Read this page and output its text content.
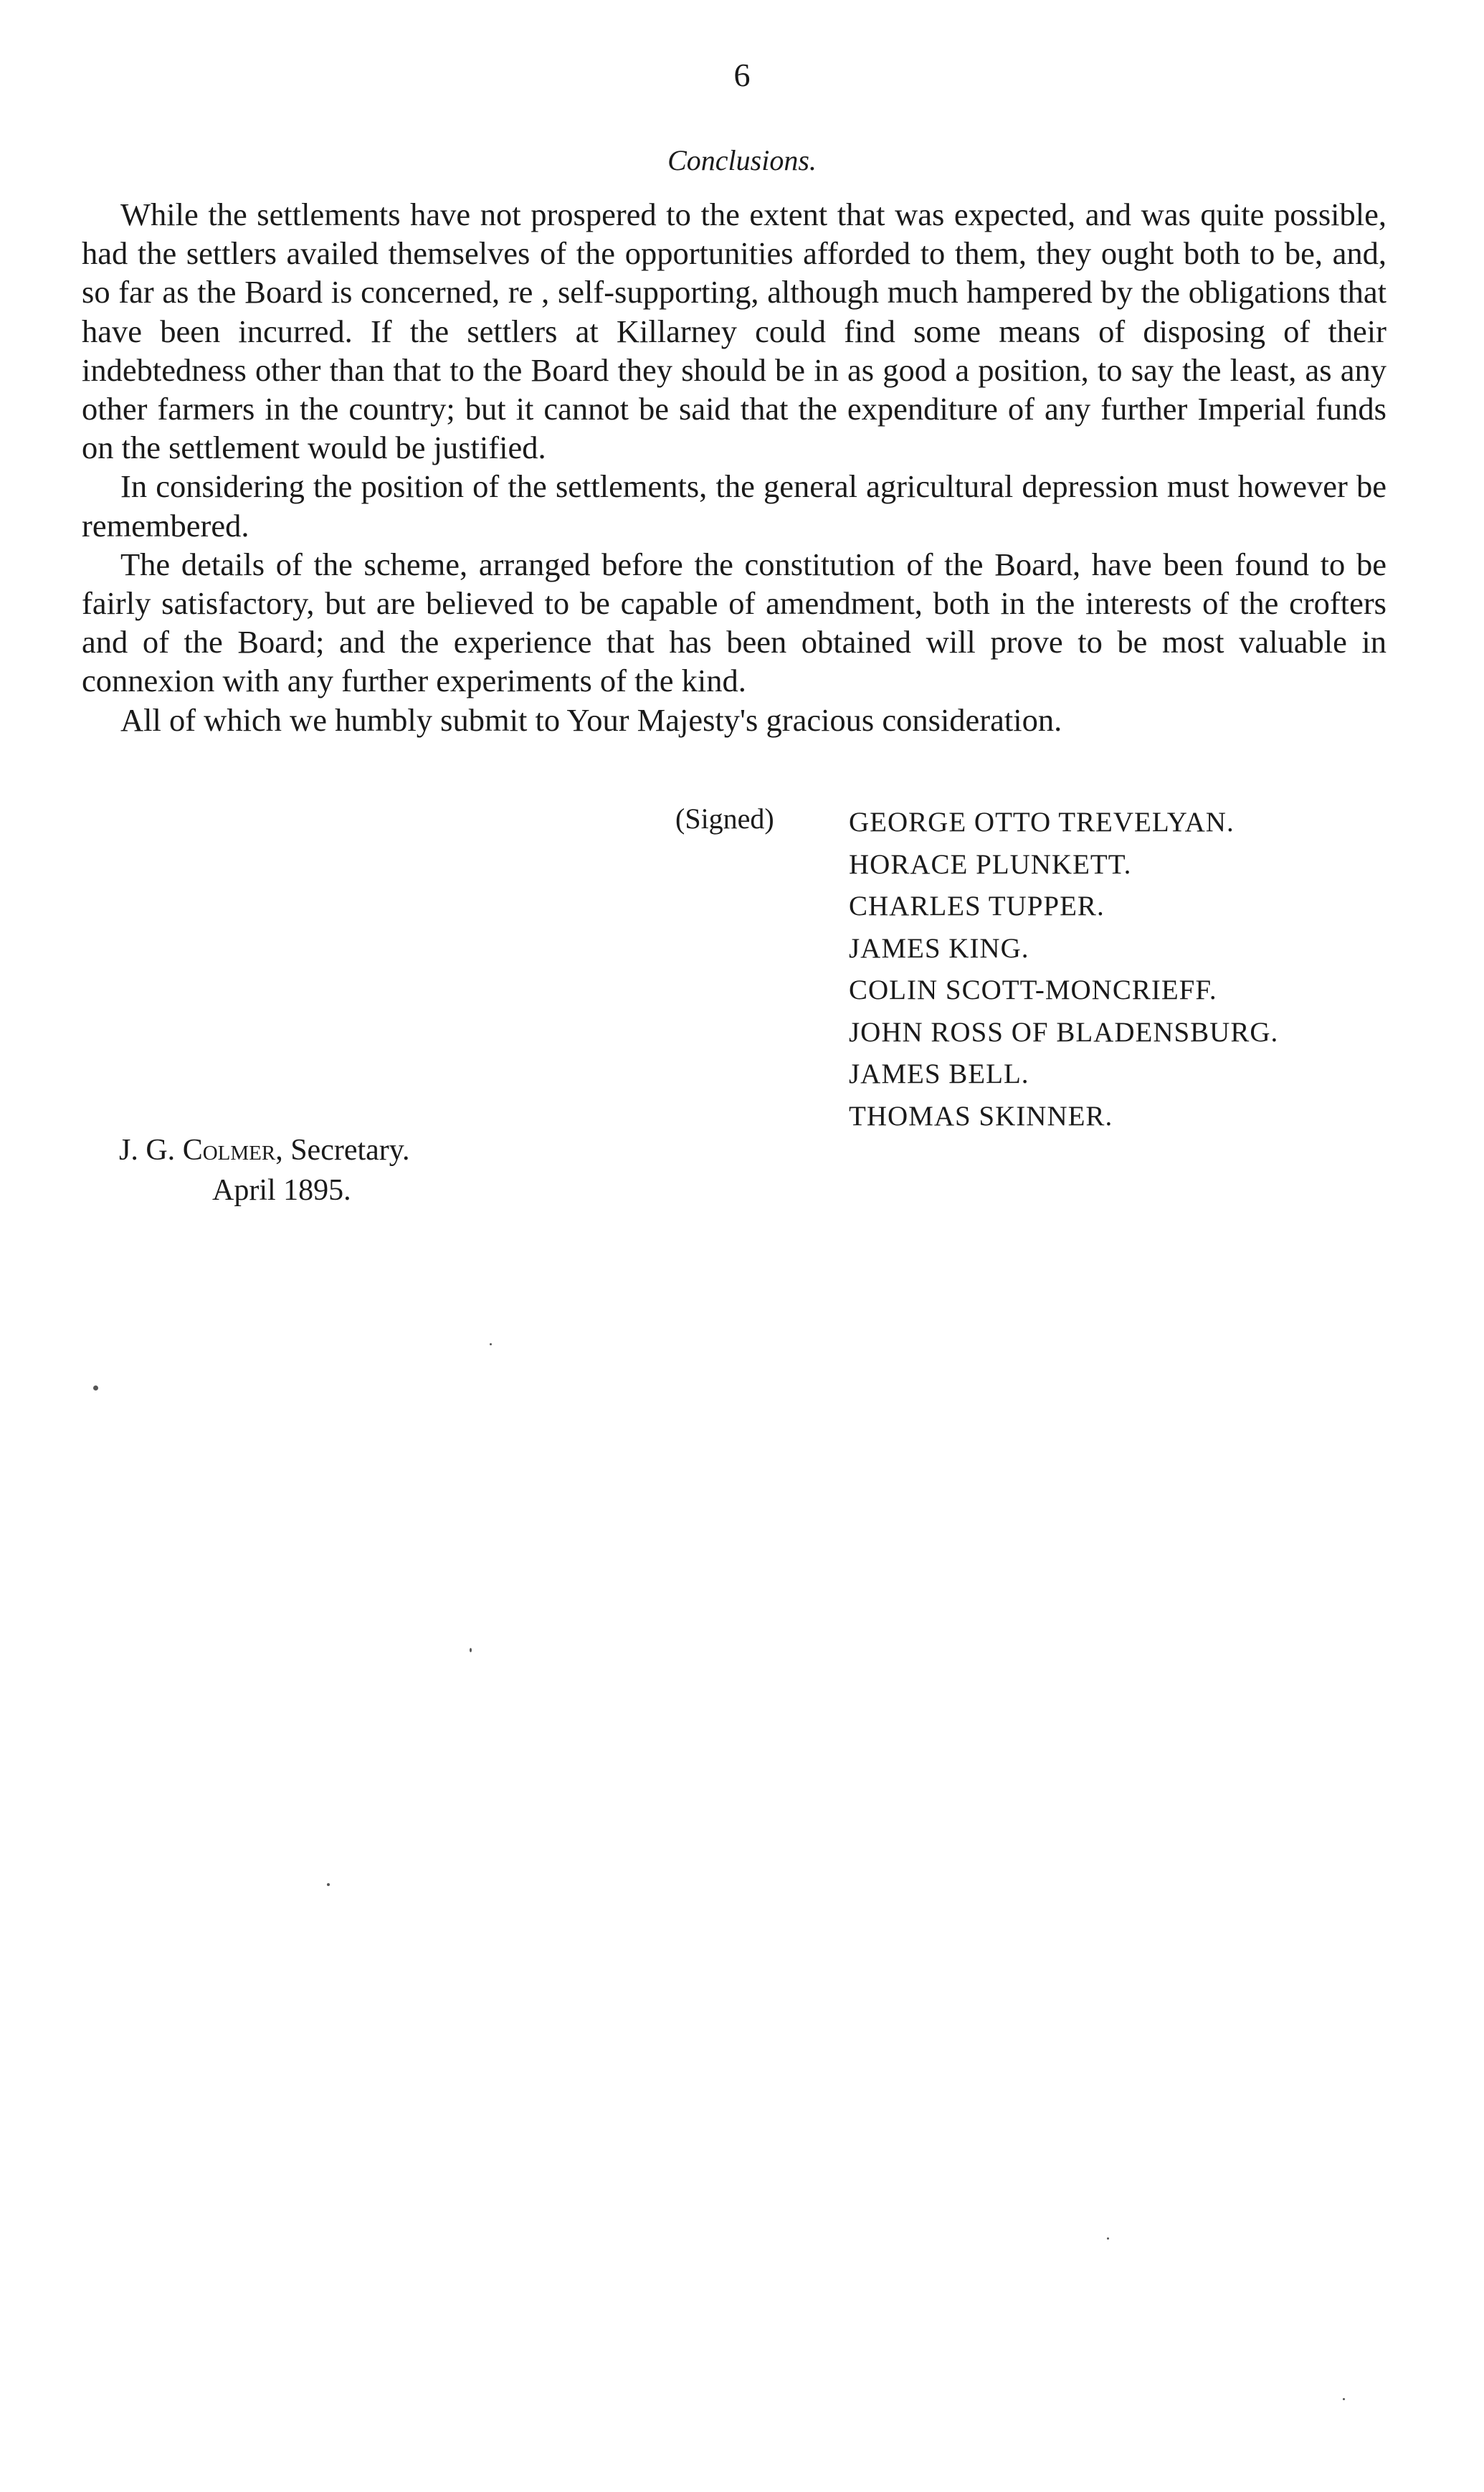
6
Conclusions.

While the settlements have not prospered to the extent that was expected, and was quite possible, had the settlers availed themselves of the opportunities afforded to them, they ought both to be, and, so far as the Board is concerned, re , self-supporting, although much hampered by the obligations that have been incurred. If the settlers at Killarney could find some means of disposing of their indebtedness other than that to the Board they should be in as good a position, to say the least, as any other farmers in the country; but it cannot be said that the expenditure of any further Imperial funds on the settlement would be justified.

In considering the position of the settlements, the general agricultural depression must however be remembered.

The details of the scheme, arranged before the constitution of the Board, have been found to be fairly satisfactory, but are believed to be capable of amendment, both in the interests of the crofters and of the Board; and the experience that has been obtained will prove to be most valuable in connexion with any further experiments of the kind.

All of which we humbly submit to Your Majesty's gracious consideration.

(Signed)	GEORGE OTTO TREVELYAN.
HORACE PLUNKETT.
CHARLES TUPPER.
JAMES KING.
COLIN SCOTT-MONCRIEFF.
JOHN ROSS OF BLADENSBURG.
JAMES BELL.
THOMAS SKINNER.
J. G. Colmer, Secretary.
April 1895.
